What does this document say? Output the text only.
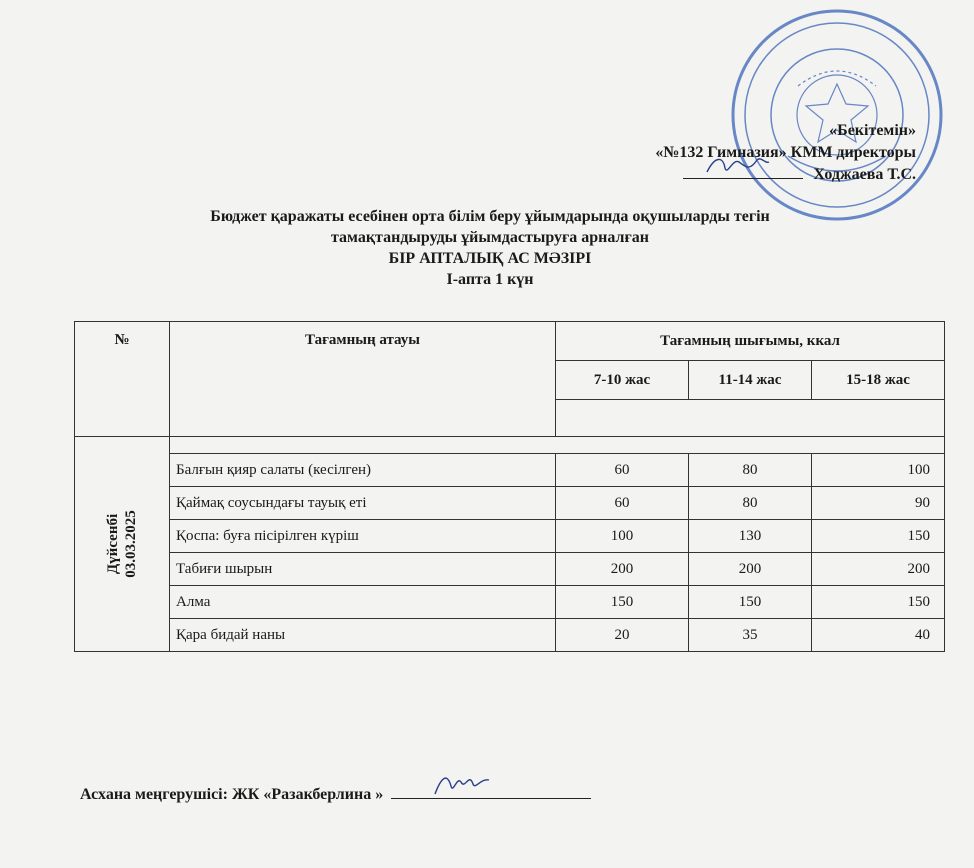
«Бекітемін»
«№132 Гимназия» КММ директоры
Ходжаева Т.С.
Бюджет қаражаты есебінен орта білім беру ұйымдарында оқушыларды тегін
тамақтандыруды ұйымдастыруға арналған
БІР АПТАЛЫҚ АС МӘЗІРІ
I-апта 1 күн
№	Тағамның атауы	Тағамның шығымы, ккал		
		7-10 жас	11-14 жас	15-18 жас

Дүйсенбі 03.03.2025				

	Балғын қияр салаты (кесілген)	60	80	100
	Қаймақ соусындағы тауық еті	60	80	90
	Қоспа: буға пісірілген күріш	100	130	150
	Табиғи шырын	200	200	200
	Алма	150	150	150
	Қара бидай наны	20	35	40
Асхана меңгерушісі: ЖК «Разакберлина »
